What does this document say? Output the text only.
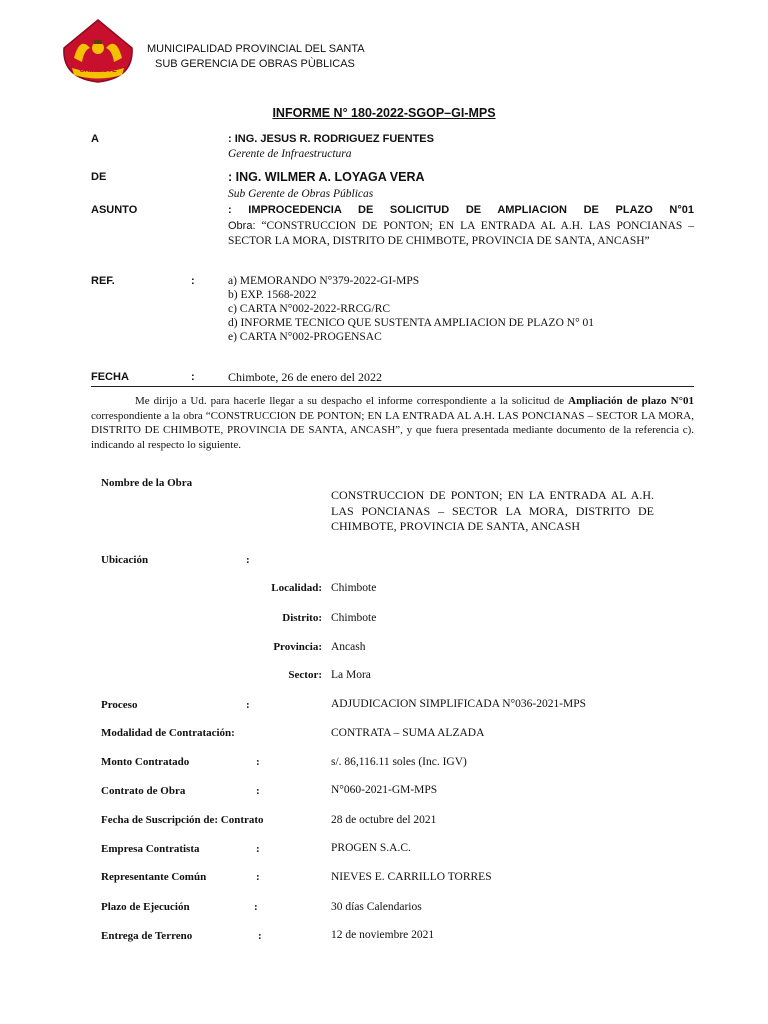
CHIMBOTE
MUNICIPALIDAD PROVINCIAL DEL SANTA
SUB GERENCIA DE OBRAS PÙBLICAS
INFORME N° 180-2022-SGOP–GI-MPS
A	: ING. JESUS R. RODRIGUEZ FUENTES
Gerente de Infraestructura
DE	: ING. WILMER A. LOYAGA VERA
Sub Gerente de Obras Públicas
ASUNTO	: IMPROCEDENCIA DE SOLICITUD DE AMPLIACION DE PLAZO N°01
Obra: “CONSTRUCCION DE PONTON; EN LA ENTRADA AL A.H. LAS PONCIANAS – SECTOR LA MORA, DISTRITO DE CHIMBOTE, PROVINCIA DE SANTA, ANCASH”
REF.	:	a) MEMORANDO N°379-2022-GI-MPS
b) EXP. 1568-2022
c) CARTA N°002-2022-RRCG/RC
d) INFORME TECNICO QUE SUSTENTA AMPLIACION DE PLAZO N° 01
e) CARTA N°002-PROGENSAC
FECHA	:	Chimbote, 26 de enero del 2022
Me dirijo a Ud. para hacerle llegar a su despacho el informe correspondiente a la solicitud de Ampliación de plazo N°01 correspondiente a la obra “CONSTRUCCION DE PONTON; EN LA ENTRADA AL A.H. LAS PONCIANAS – SECTOR LA MORA, DISTRITO DE CHIMBOTE, PROVINCIA DE SANTA, ANCASH”, y que fuera presentada mediante documento de la referencia c). indicando al respecto lo siguiente.
Nombre de la Obra
CONSTRUCCION DE PONTON; EN LA ENTRADA AL A.H. LAS PONCIANAS – SECTOR LA MORA, DISTRITO DE CHIMBOTE, PROVINCIA DE SANTA, ANCASH
Ubicación	:
Localidad: Chimbote
Distrito: Chimbote
Provincia: Ancash
Sector: La Mora
Proceso	:	ADJUDICACION SIMPLIFICADA N°036-2021-MPS
Modalidad de Contratación:	CONTRATA – SUMA ALZADA
Monto Contratado	:	s/. 86,116.11 soles (Inc. IGV)
Contrato de Obra	:	N°060-2021-GM-MPS
Fecha de Suscripción de: Contrato	28 de octubre del 2021
Empresa Contratista	:	PROGEN S.A.C.
Representante Común	:	NIEVES E. CARRILLO TORRES
Plazo de Ejecución	:	30 días Calendarios
Entrega de Terreno	:	12 de noviembre 2021
